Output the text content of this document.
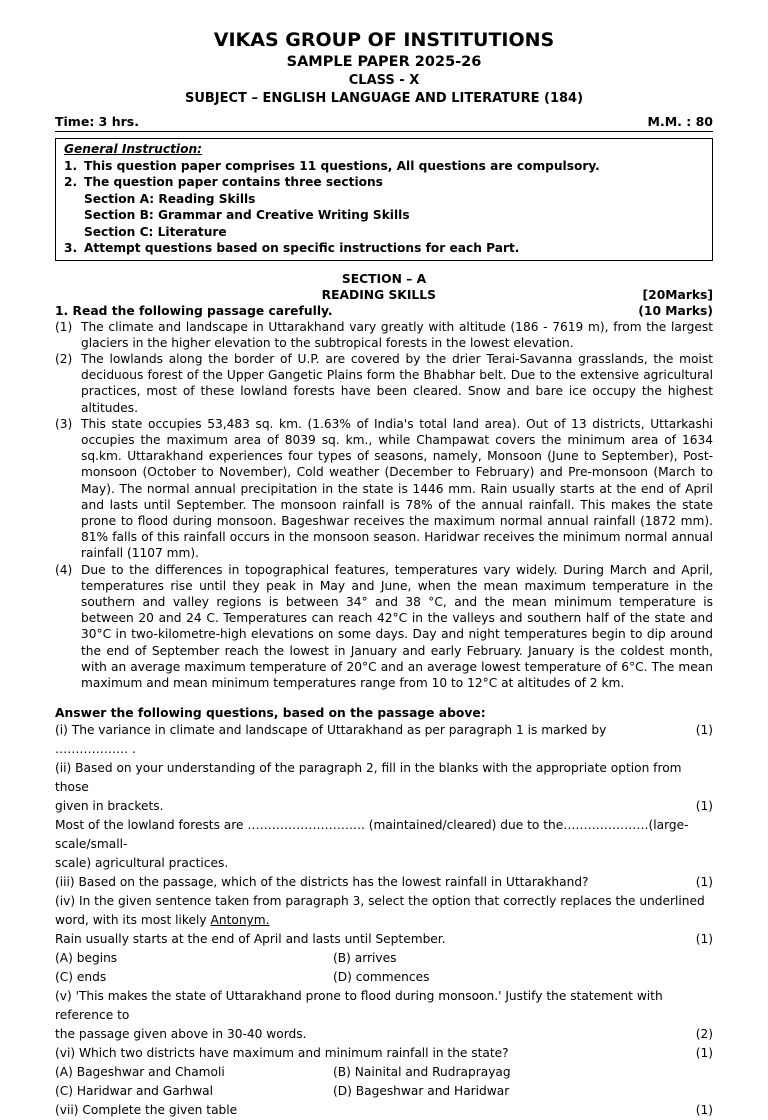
VIKAS GROUP OF INSTITUTIONS
SAMPLE PAPER 2025-26
CLASS - X
SUBJECT – ENGLISH LANGUAGE AND LITERATURE (184)
Time: 3 hrs.	M.M. : 80
General Instruction:
1. This question paper comprises 11 questions, All questions are compulsory.
2. The question paper contains three sections
Section A: Reading Skills
Section B: Grammar and Creative Writing Skills
Section C: Literature
3. Attempt questions based on specific instructions for each Part.
SECTION – A
READING SKILLS	[20Marks]
1. Read the following passage carefully.	(10 Marks)
(1) The climate and landscape in Uttarakhand vary greatly with altitude (186 - 7619 m), from the largest glaciers in the higher elevation to the subtropical forests in the lowest elevation.
(2) The lowlands along the border of U.P. are covered by the drier Terai-Savanna grasslands, the moist deciduous forest of the Upper Gangetic Plains form the Bhabhar belt. Due to the extensive agricultural practices, most of these lowland forests have been cleared. Snow and bare ice occupy the highest altitudes.
(3) This state occupies 53,483 sq. km. (1.63% of India's total land area). Out of 13 districts, Uttarkashi occupies the maximum area of 8039 sq. km., while Champawat covers the minimum area of 1634 sq.km. Uttarakhand experiences four types of seasons, namely, Monsoon (June to September), Post-monsoon (October to November), Cold weather (December to February) and Pre-monsoon (March to May). The normal annual precipitation in the state is 1446 mm. Rain usually starts at the end of April and lasts until September. The monsoon rainfall is 78% of the annual rainfall. This makes the state prone to flood during monsoon. Bageshwar receives the maximum normal annual rainfall (1872 mm). 81% falls of this rainfall occurs in the monsoon season. Haridwar receives the minimum normal annual rainfall (1107 mm).
(4) Due to the differences in topographical features, temperatures vary widely. During March and April, temperatures rise until they peak in May and June, when the mean maximum temperature in the southern and valley regions is between 34° and 38 °C, and the mean minimum temperature is between 20 and 24 C. Temperatures can reach 42°C in the valleys and southern half of the state and 30°C in two-kilometre-high elevations on some days. Day and night temperatures begin to dip around the end of September reach the lowest in January and early February. January is the coldest month, with an average maximum temperature of 20°C and an average lowest temperature of 6°C. The mean maximum and mean minimum temperatures range from 10 to 12°C at altitudes of 2 km.
Answer the following questions, based on the passage above:
(i) The variance in climate and landscape of Uttarakhand as per paragraph 1 is marked by ……………… .
(1)
(ii) Based on your understanding of the paragraph 2, fill in the blanks with the appropriate option from those
given in brackets.	(1)
Most of the lowland forests are ……………………….. (maintained/cleared) due to the…………………(large-scale/small-
scale) agricultural practices.
(iii) Based on the passage, which of the districts has the lowest rainfall in Uttarakhand?	(1)
(iv) In the given sentence taken from paragraph 3, select the option that correctly replaces the underlined
word, with its most likely Antonym.
Rain usually starts at the end of April and lasts until September.	(1)
(A) begins	(B) arrives
(C) ends	(D) commences
(v) 'This makes the state of Uttarakhand prone to flood during monsoon.' Justify the statement with reference to
the passage given above in 30-40 words.	(2)
(vi) Which two districts have maximum and minimum rainfall in the state?	(1)
(A) Bageshwar and Chamoli	(B) Nainital and Rudraprayag
(C) Haridwar and Garhwal	(D) Bageshwar and Haridwar
(vii) Complete the given table	(1)
